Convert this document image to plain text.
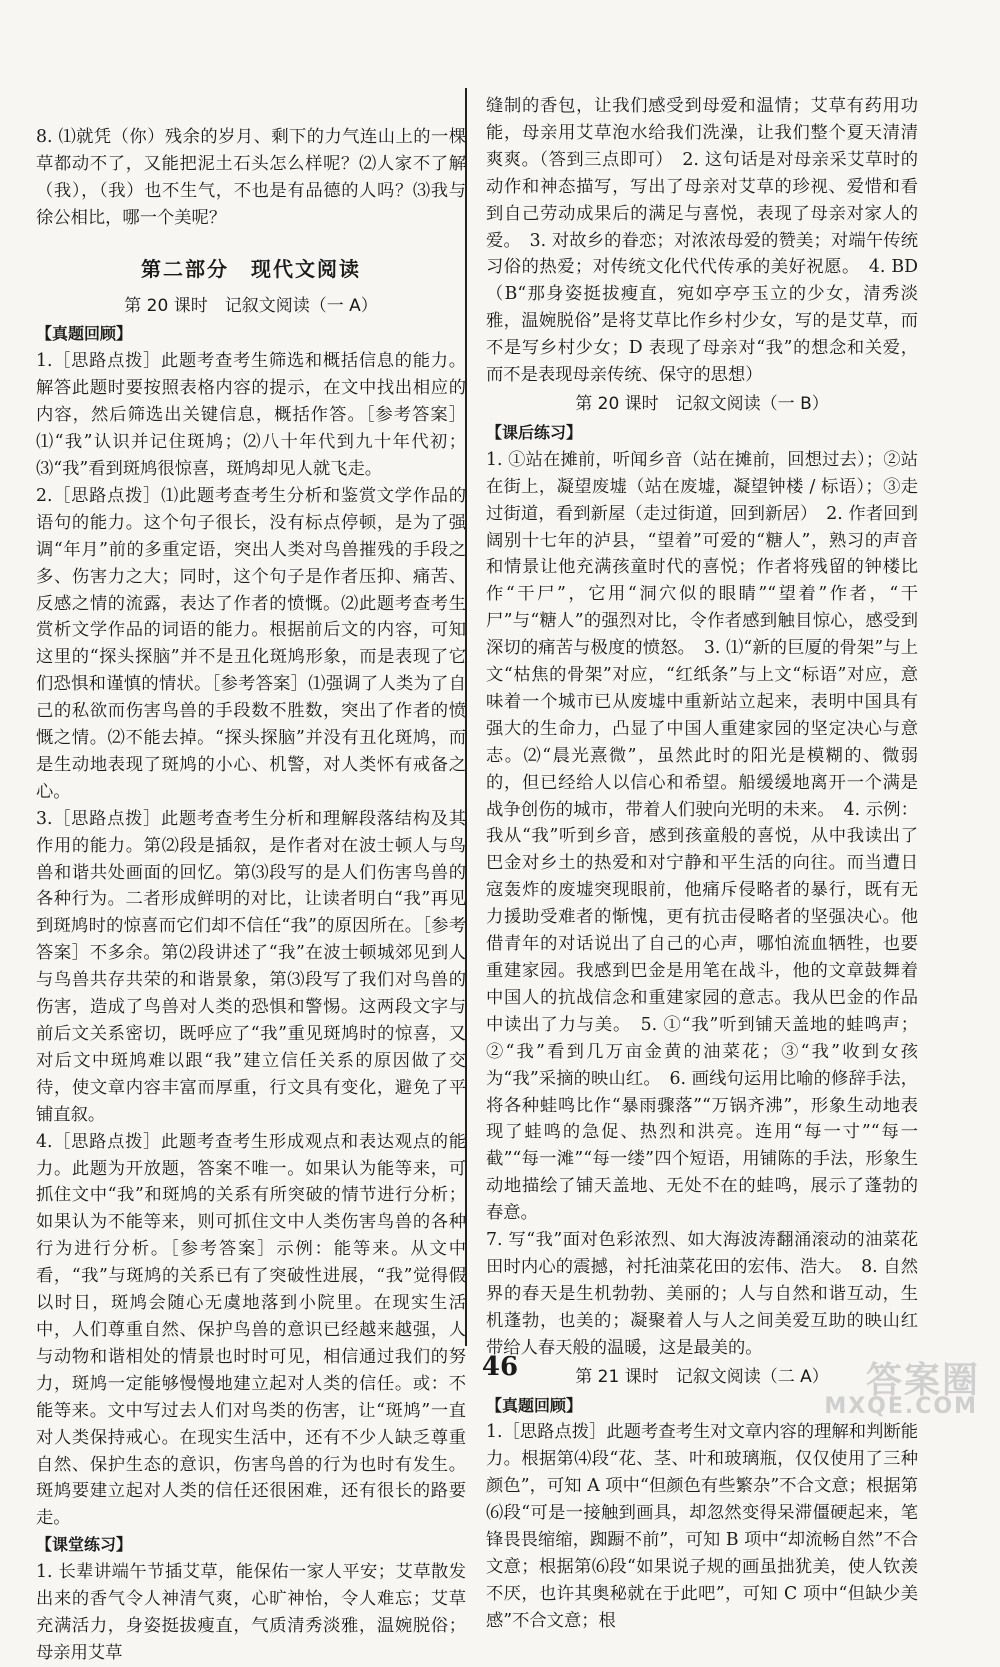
8. ⑴就凭（你）残余的岁月、剩下的力气连山上的一棵草都动不了，又能把泥土石头怎么样呢？⑵人家不了解（我），（我）也不生气，不也是有品德的人吗？⑶我与徐公相比，哪一个美呢？

第二部分　现代文阅读
第 20 课时　记叙文阅读（一 A）
【真题回顾】

1.［思路点拨］此题考查考生筛选和概括信息的能力。解答此题时要按照表格内容的提示，在文中找出相应的内容，然后筛选出关键信息，概括作答。［参考答案］⑴“我”认识并记住斑鸠；⑵八十年代到九十年代初；⑶“我”看到斑鸠很惊喜，斑鸠却见人就飞走。

2.［思路点拨］⑴此题考查考生分析和鉴赏文学作品的语句的能力。这个句子很长，没有标点停顿，是为了强调“年月”前的多重定语，突出人类对鸟兽摧残的手段之多、伤害力之大；同时，这个句子是作者压抑、痛苦、反感之情的流露，表达了作者的愤慨。⑵此题考查考生赏析文学作品的词语的能力。根据前后文的内容，可知这里的“探头探脑”并不是丑化斑鸠形象，而是表现了它们恐惧和谨慎的情状。［参考答案］⑴强调了人类为了自己的私欲而伤害鸟兽的手段数不胜数，突出了作者的愤慨之情。⑵不能去掉。“探头探脑”并没有丑化斑鸠，而是生动地表现了斑鸠的小心、机警，对人类怀有戒备之心。

3.［思路点拨］此题考查考生分析和理解段落结构及其作用的能力。第⑵段是插叙，是作者对在波士顿人与鸟兽和谐共处画面的回忆。第⑶段写的是人们伤害鸟兽的各种行为。二者形成鲜明的对比，让读者明白“我”再见到斑鸠时的惊喜而它们却不信任“我”的原因所在。［参考答案］不多余。第⑵段讲述了“我”在波士顿城郊见到人与鸟兽共存共荣的和谐景象，第⑶段写了我们对鸟兽的伤害，造成了鸟兽对人类的恐惧和警惕。这两段文字与前后文关系密切，既呼应了“我”重见斑鸠时的惊喜，又对后文中斑鸠难以跟“我”建立信任关系的原因做了交待，使文章内容丰富而厚重，行文具有变化，避免了平铺直叙。

4.［思路点拨］此题考查考生形成观点和表达观点的能力。此题为开放题，答案不唯一。如果认为能等来，可抓住文中“我”和斑鸠的关系有所突破的情节进行分析；如果认为不能等来，则可抓住文中人类伤害鸟兽的各种行为进行分析。［参考答案］示例：能等来。从文中看，“我”与斑鸠的关系已有了突破性进展，“我”觉得假以时日，斑鸠会随心无虞地落到小院里。在现实生活中，人们尊重自然、保护鸟兽的意识已经越来越强，人与动物和谐相处的情景也时时可见，相信通过我们的努力，斑鸠一定能够慢慢地建立起对人类的信任。或：不能等来。文中写过去人们对鸟类的伤害，让“斑鸠”一直对人类保持戒心。在现实生活中，还有不少人缺乏尊重自然、保护生态的意识，伤害鸟兽的行为也时有发生。斑鸠要建立起对人类的信任还很困难，还有很长的路要走。

【课堂练习】

1. 长辈讲端午节插艾草，能保佑一家人平安；艾草散发出来的香气令人神清气爽，心旷神怡，令人难忘；艾草充满活力，身姿挺拔瘦直，气质清秀淡雅，温婉脱俗；母亲用艾草

缝制的香包，让我们感受到母爱和温情；艾草有药用功能，母亲用艾草泡水给我们洗澡，让我们整个夏天清清爽爽。（答到三点即可）　2. 这句话是对母亲采艾草时的动作和神态描写，写出了母亲对艾草的珍视、爱惜和看到自己劳动成果后的满足与喜悦，表现了母亲对家人的爱。　3. 对故乡的眷恋；对浓浓母爱的赞美；对端午传统习俗的热爱；对传统文化代代传承的美好祝愿。　4. BD（B“那身姿挺拔瘦直，宛如亭亭玉立的少女，清秀淡雅，温婉脱俗”是将艾草比作乡村少女，写的是艾草，而不是写乡村少女；D 表现了母亲对“我”的想念和关爱，而不是表现母亲传统、保守的思想）

第 20 课时　记叙文阅读（一 B）
【课后练习】

1. ①站在摊前，听闻乡音（站在摊前，回想过去）；②站在街上，凝望废墟（站在废墟，凝望钟楼 / 标语）；③走过街道，看到新屋（走过街道，回到新居）　2. 作者回到阔别十七年的泸县，“望着”可爱的“糖人”，熟习的声音和情景让他充满孩童时代的喜悦；作者将残留的钟楼比作“干尸”，它用“洞穴似的眼睛”“望着”作者，“干尸”与“糖人”的强烈对比，令作者感到触目惊心，感受到深切的痛苦与极度的愤怒。　3. ⑴“新的巨厦的骨架”与上文“枯焦的骨架”对应，“红纸条”与上文“标语”对应，意味着一个城市已从废墟中重新站立起来，表明中国具有强大的生命力，凸显了中国人重建家园的坚定决心与意志。⑵“晨光熹微”，虽然此时的阳光是模糊的、微弱的，但已经给人以信心和希望。船缓缓地离开一个满是战争创伤的城市，带着人们驶向光明的未来。　4. 示例：我从“我”听到乡音，感到孩童般的喜悦，从中我读出了巴金对乡土的热爱和对宁静和平生活的向往。而当遭日寇轰炸的废墟突现眼前，他痛斥侵略者的暴行，既有无力援助受难者的惭愧，更有抗击侵略者的坚强决心。他借青年的对话说出了自己的心声，哪怕流血牺牲，也要重建家园。我感到巴金是用笔在战斗，他的文章鼓舞着中国人的抗战信念和重建家园的意志。我从巴金的作品中读出了力与美。　5. ①“我”听到铺天盖地的蛙鸣声；②“我”看到几万亩金黄的油菜花；③“我”收到女孩为“我”采摘的映山红。　6. 画线句运用比喻的修辞手法，将各种蛙鸣比作“暴雨骤落”“万锅齐沸”，形象生动地表现了蛙鸣的急促、热烈和洪亮。连用“每一寸”“每一截”“每一滩”“每一缕”四个短语，用铺陈的手法，形象生动地描绘了铺天盖地、无处不在的蛙鸣，展示了蓬勃的春意。

7. 写“我”面对色彩浓烈、如大海波涛翻涌滚动的油菜花田时内心的震撼，衬托油菜花田的宏伟、浩大。　8. 自然界的春天是生机勃勃、美丽的；人与自然和谐互动，生机蓬勃，也美的；凝聚着人与人之间美爱互助的映山红带给人春天般的温暖，这是最美的。

第 21 课时　记叙文阅读（二 A）
【真题回顾】

1.［思路点拨］此题考查考生对文章内容的理解和判断能力。根据第⑷段“花、茎、叶和玻璃瓶，仅仅使用了三种颜色”，可知 A 项中“但颜色有些繁杂”不合文意；根据第⑹段“可是一接触到画具，却忽然变得呆滞僵硬起来，笔锋畏畏缩缩，踟蹰不前”，可知 B 项中“却流畅自然”不合文意；根据第⑹段“如果说子规的画虽拙犹美，使人钦羡不厌，也许其奥秘就在于此吧”，可知 C 项中“但缺少美感”不合文意；根

46	答案圈
MXQE.COM
